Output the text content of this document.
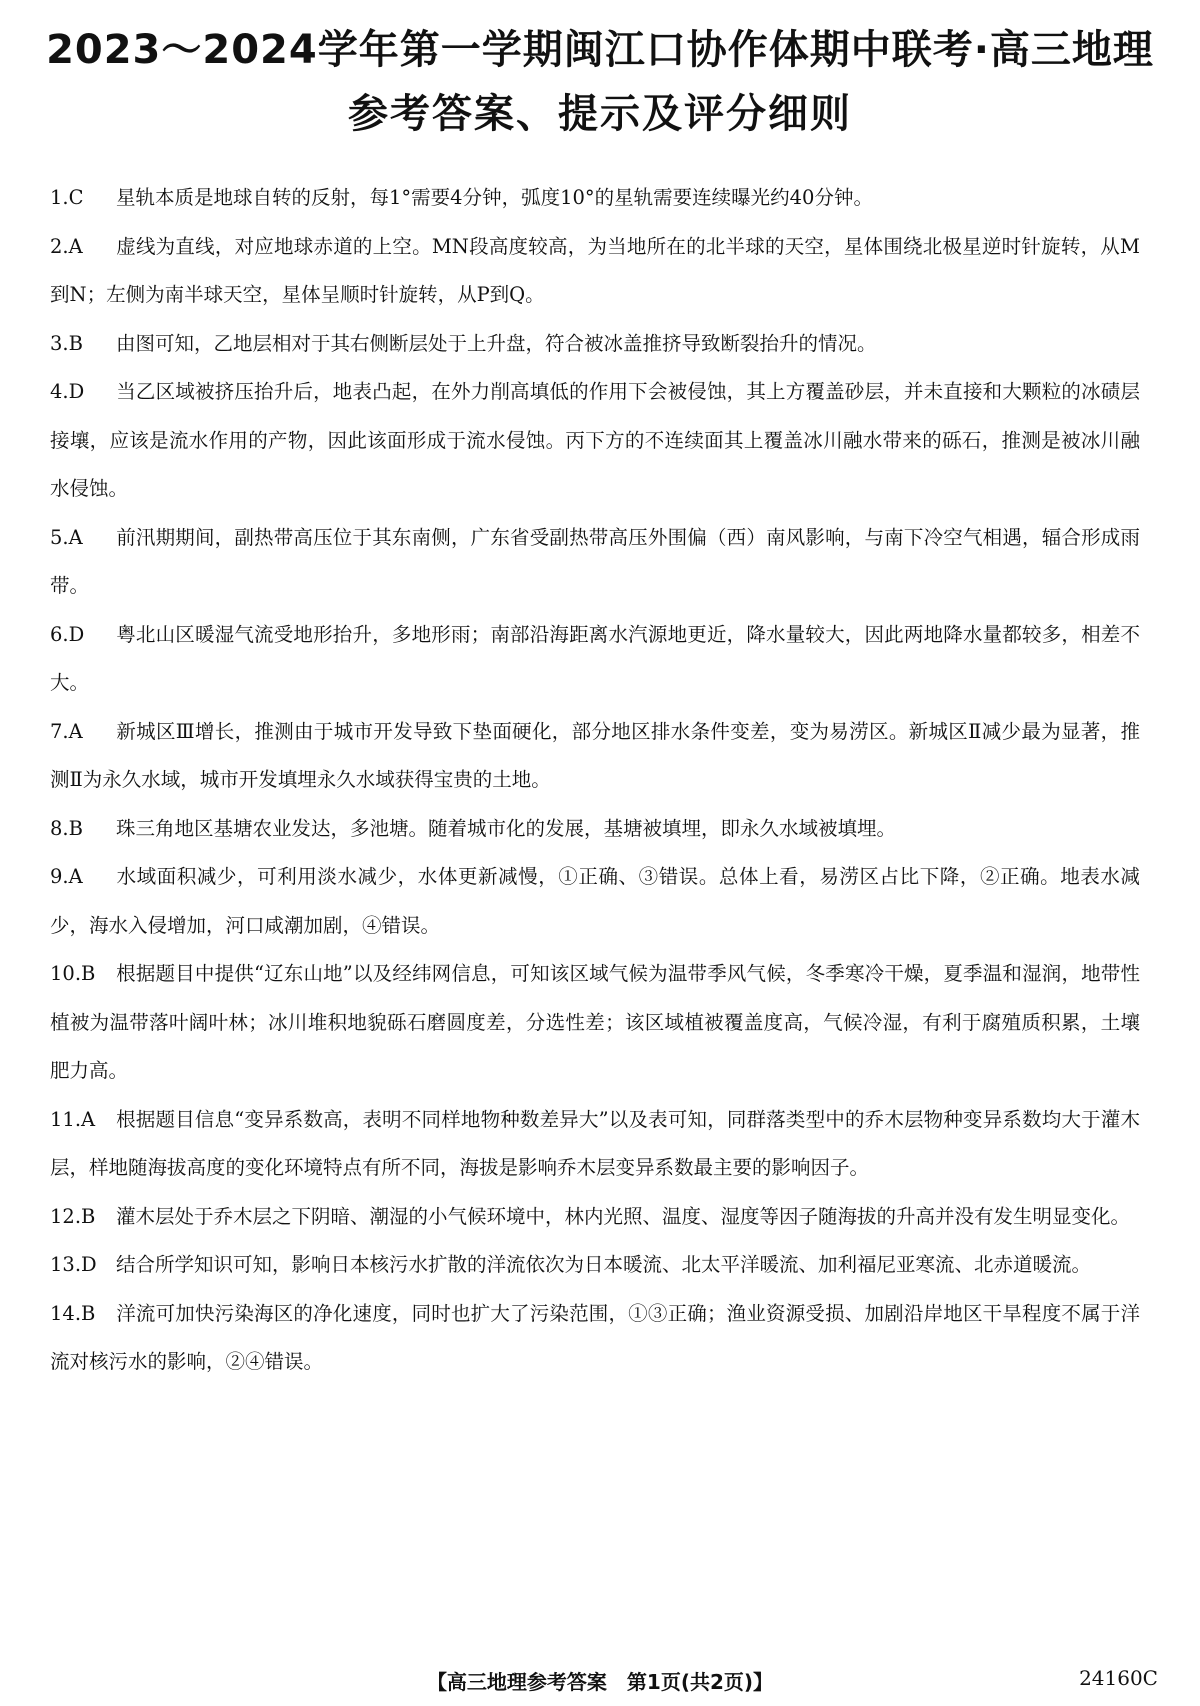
2023～2024学年第一学期闽江口协作体期中联考·高三地理
参考答案、提示及评分细则

1.C 星轨本质是地球自转的反射，每1°需要4分钟，弧度10°的星轨需要连续曝光约40分钟。

2.A 虚线为直线，对应地球赤道的上空。MN段高度较高，为当地所在的北半球的天空，星体围绕北极星逆时针旋转，从M到N；左侧为南半球天空，星体呈顺时针旋转，从P到Q。

3.B 由图可知，乙地层相对于其右侧断层处于上升盘，符合被冰盖推挤导致断裂抬升的情况。

4.D 当乙区域被挤压抬升后，地表凸起，在外力削高填低的作用下会被侵蚀，其上方覆盖砂层，并未直接和大颗粒的冰碛层接壤，应该是流水作用的产物，因此该面形成于流水侵蚀。丙下方的不连续面其上覆盖冰川融水带来的砾石，推测是被冰川融水侵蚀。

5.A 前汛期期间，副热带高压位于其东南侧，广东省受副热带高压外围偏（西）南风影响，与南下冷空气相遇，辐合形成雨带。

6.D 粤北山区暖湿气流受地形抬升，多地形雨；南部沿海距离水汽源地更近，降水量较大，因此两地降水量都较多，相差不大。

7.A 新城区Ⅲ增长，推测由于城市开发导致下垫面硬化，部分地区排水条件变差，变为易涝区。新城区Ⅱ减少最为显著，推测Ⅱ为永久水域，城市开发填埋永久水域获得宝贵的土地。

8.B 珠三角地区基塘农业发达，多池塘。随着城市化的发展，基塘被填埋，即永久水域被填埋。

9.A 水域面积减少，可利用淡水减少，水体更新减慢，①正确、③错误。总体上看，易涝区占比下降，②正确。地表水减少，海水入侵增加，河口咸潮加剧，④错误。

10.B 根据题目中提供“辽东山地”以及经纬网信息，可知该区域气候为温带季风气候，冬季寒冷干燥，夏季温和湿润，地带性植被为温带落叶阔叶林；冰川堆积地貌砾石磨圆度差，分选性差；该区域植被覆盖度高，气候冷湿，有利于腐殖质积累，土壤肥力高。

11.A 根据题目信息“变异系数高，表明不同样地物种数差异大”以及表可知，同群落类型中的乔木层物种变异系数均大于灌木层，样地随海拔高度的变化环境特点有所不同，海拔是影响乔木层变异系数最主要的影响因子。

12.B 灌木层处于乔木层之下阴暗、潮湿的小气候环境中，林内光照、温度、湿度等因子随海拔的升高并没有发生明显变化。

13.D 结合所学知识可知，影响日本核污水扩散的洋流依次为日本暖流、北太平洋暖流、加利福尼亚寒流、北赤道暖流。

14.B 洋流可加快污染海区的净化速度，同时也扩大了污染范围，①③正确；渔业资源受损、加剧沿岸地区干旱程度不属于洋流对核污水的影响，②④错误。

【高三地理参考答案　第1页(共2页)】	24160C
